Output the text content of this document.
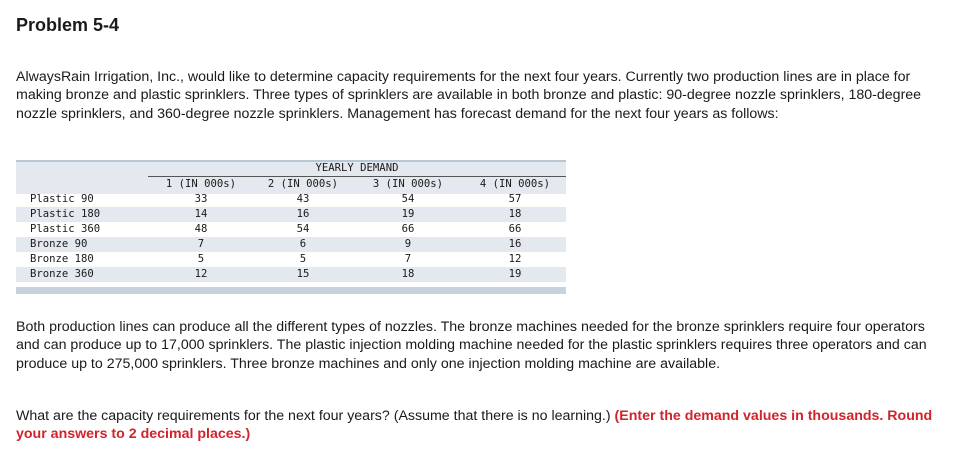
Problem 5-4
AlwaysRain Irrigation, Inc., would like to determine capacity requirements for the next four years. Currently two production lines are in place for making bronze and plastic sprinklers. Three types of sprinklers are available in both bronze and plastic: 90-degree nozzle sprinklers, 180-degree nozzle sprinklers, and 360-degree nozzle sprinklers. Management has forecast demand for the next four years as follows:
YEARLY DEMAND
1 (IN 000s)	2 (IN 000s)	3 (IN 000s)	4 (IN 000s)
Plastic 90	33	43	54	57
Plastic 180	14	16	19	18
Plastic 360	48	54	66	66
Bronze 90	7	6	9	16
Bronze 180	5	5	7	12
Bronze 360	12	15	18	19
Both production lines can produce all the different types of nozzles. The bronze machines needed for the bronze sprinklers require four operators and can produce up to 17,000 sprinklers. The plastic injection molding machine needed for the plastic sprinklers requires three operators and can produce up to 275,000 sprinklers. Three bronze machines and only one injection molding machine are available.
What are the capacity requirements for the next four years? (Assume that there is no learning.) (Enter the demand values in thousands. Round your answers to 2 decimal places.)
